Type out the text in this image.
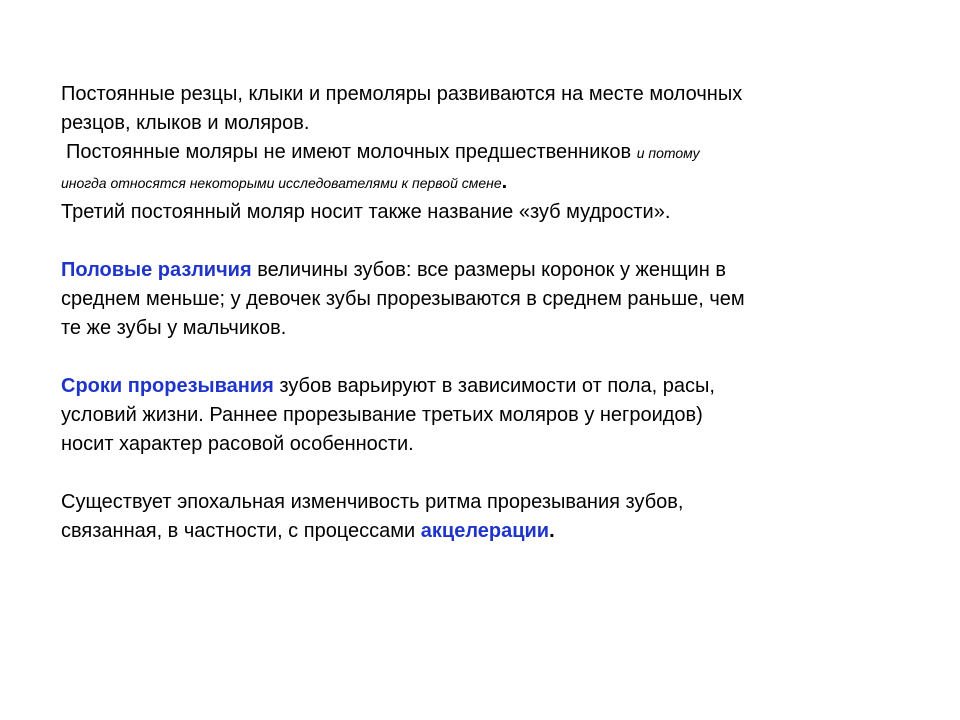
Постоянные резцы, клыки и премоляры развиваются на месте молочных
резцов, клыков и моляров.
Постоянные моляры не имеют молочных предшественников и потому
иногда относятся некоторыми исследователями к первой смене.
Третий постоянный моляр носит также название «зуб мудрости».
Половые различия величины зубов: все размеры коронок у женщин в
среднем меньше; у девочек зубы прорезываются в среднем раньше, чем
те же зубы у мальчиков.
Сроки прорезывания зубов варьируют в зависимости от пола, расы,
условий жизни. Раннее прорезывание третьих моляров у негроидов)
носит характер расовой особенности.
Существует эпохальная изменчивость ритма прорезывания зубов,
связанная, в частности, с процессами акцелерации.
